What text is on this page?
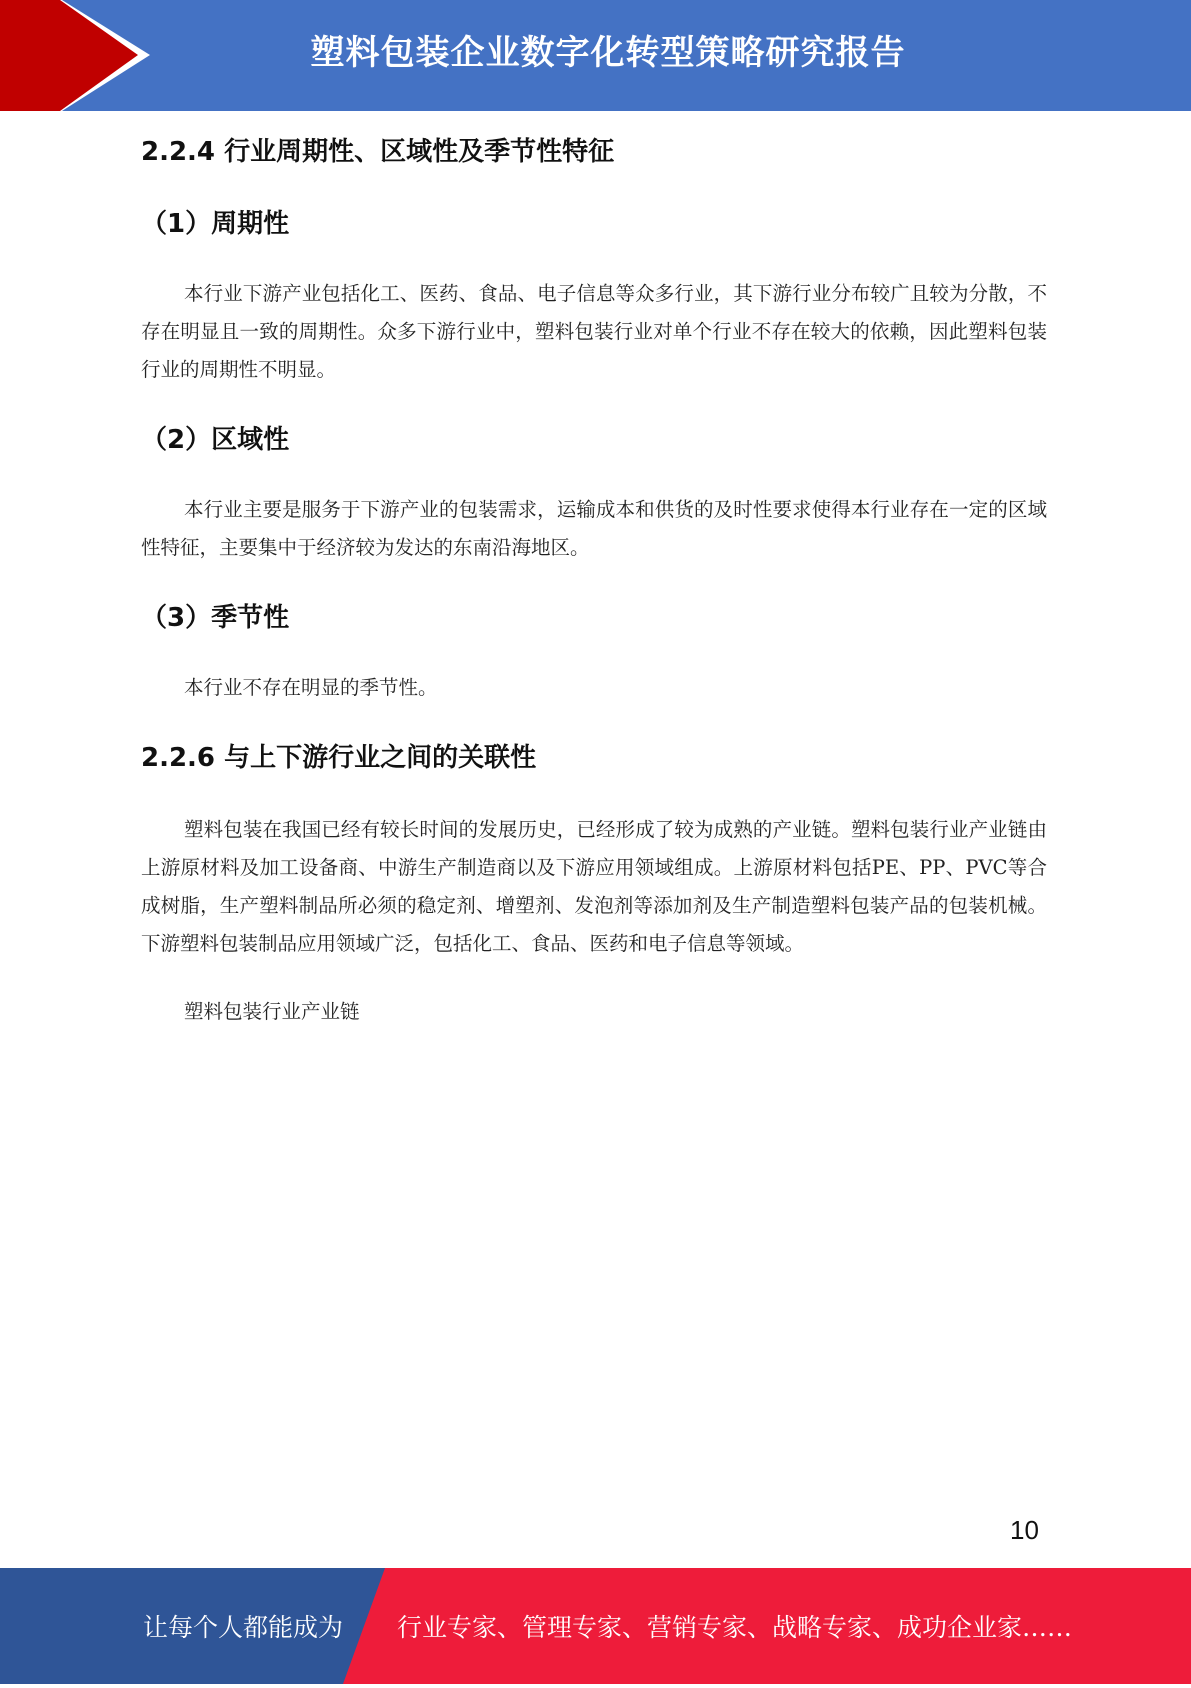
塑料包装企业数字化转型策略研究报告
2.2.4 行业周期性、区域性及季节性特征
（1）周期性
本行业下游产业包括化工、医药、食品、电子信息等众多行业，其下游行业分布较广且较为分散，不存在明显且一致的周期性。众多下游行业中，塑料包装行业对单个行业不存在较大的依赖，因此塑料包装行业的周期性不明显。
（2）区域性
本行业主要是服务于下游产业的包装需求，运输成本和供货的及时性要求使得本行业存在一定的区域性特征，主要集中于经济较为发达的东南沿海地区。
（3）季节性
本行业不存在明显的季节性。
2.2.6 与上下游行业之间的关联性
塑料包装在我国已经有较长时间的发展历史，已经形成了较为成熟的产业链。塑料包装行业产业链由上游原材料及加工设备商、中游生产制造商以及下游应用领域组成。上游原材料包括PE、PP、PVC等合成树脂，生产塑料制品所必须的稳定剂、增塑剂、发泡剂等添加剂及生产制造塑料包装产品的包装机械。下游塑料包装制品应用领域广泛，包括化工、食品、医药和电子信息等领域。
塑料包装行业产业链
10
让每个人都能成为 行业专家、管理专家、营销专家、战略专家、成功企业家……
